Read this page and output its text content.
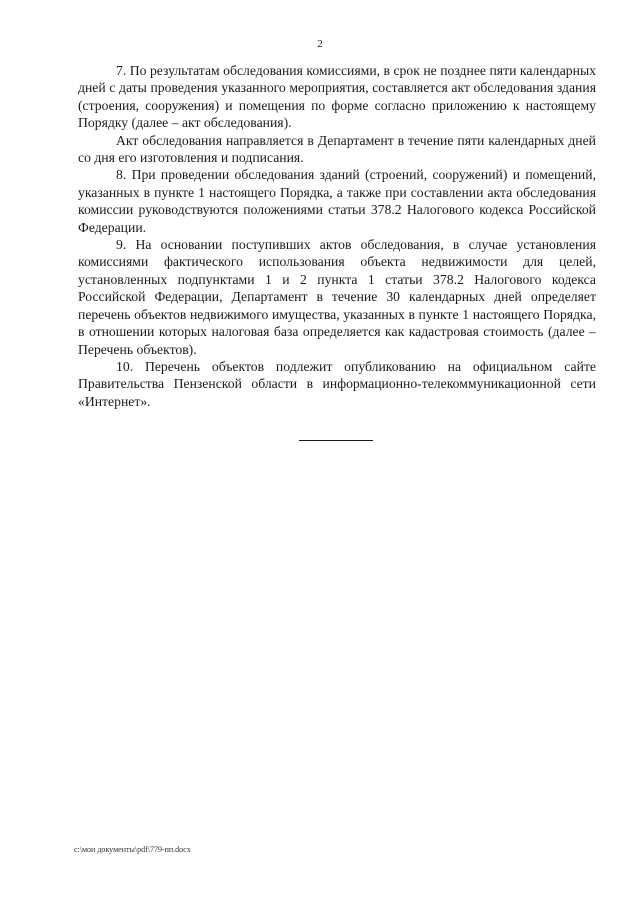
2

7. По результатам обследования комиссиями, в срок не позднее пяти календарных дней с даты проведения указанного мероприятия, составляется акт обследования здания (строения, сооружения) и помещения по форме согласно приложению к настоящему Порядку (далее – акт обследования).

Акт обследования направляется в Департамент в течение пяти календарных дней со дня его изготовления и подписания.

8. При проведении обследования зданий (строений, сооружений) и помещений, указанных в пункте 1 настоящего Порядка, а также при составлении акта обследования комиссии руководствуются положениями статьи 378.2 Налогового кодекса Российской Федерации.

9. На основании поступивших актов обследования, в случае установления комиссиями фактического использования объекта недвижимости для целей, установленных подпунктами 1 и 2 пункта 1 статьи 378.2 Налогового кодекса Российской Федерации, Департамент в течение 30 календарных дней определяет перечень объектов недвижимого имущества, указанных в пункте 1 настоящего Порядка, в отношении которых налоговая база определяется как кадастровая стоимость (далее – Перечень объектов).

10. Перечень объектов подлежит опубликованию на официальном сайте Правительства Пензенской области в информационно-телекоммуникационной сети «Интернет».

c:\мои документы\pdf\779-пп.docx
